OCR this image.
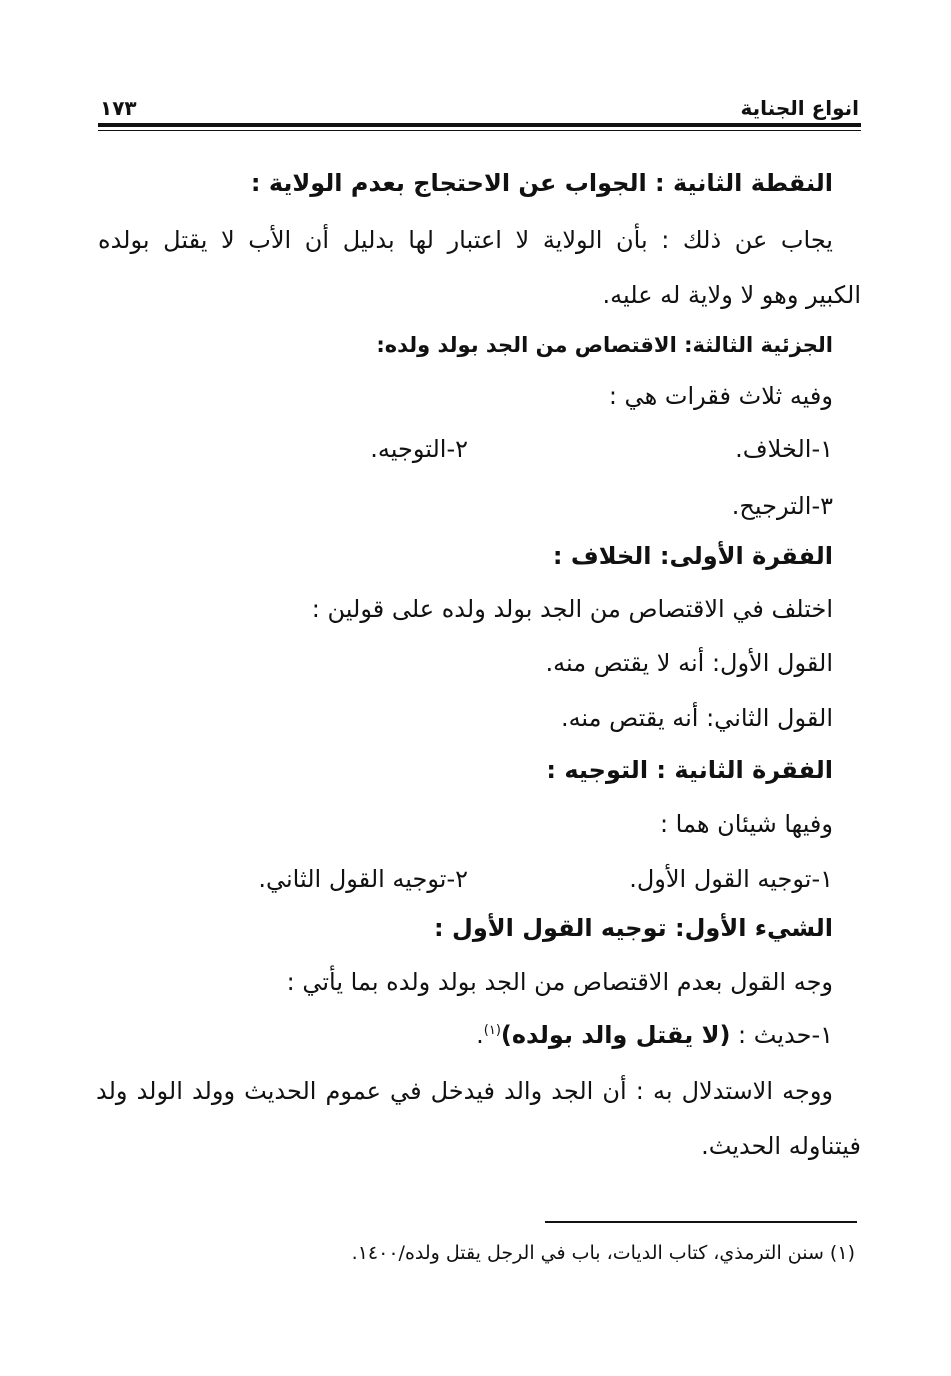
انواع الجناية
١٧٣
النقطة الثانية : الجواب عن الاحتجاج بعدم الولاية :
يجاب عن ذلك : بأن الولاية لا اعتبار لها بدليل أن الأب لا يقتل بولده
الكبير وهو لا ولاية له عليه.
الجزئية الثالثة: الاقتصاص من الجد بولد ولده:
وفيه ثلاث فقرات هي :
١-الخلاف.
٢-التوجيه.
٣-الترجيح.
الفقرة الأولى: الخلاف :
اختلف في الاقتصاص من الجد بولد ولده على قولين :
القول الأول: أنه لا يقتص منه.
القول الثاني: أنه يقتص منه.
الفقرة الثانية : التوجيه :
وفيها شيئان هما :
١-توجيه القول الأول.
٢-توجيه القول الثاني.
الشيء الأول: توجيه القول الأول :
وجه القول بعدم الاقتصاص من الجد بولد ولده بما يأتي :
١-حديث : (لا يقتل والد بولده)$^{(١)}$.
ووجه الاستدلال به : أن الجد والد فيدخل في عموم الحديث وولد الولد ولد
فيتناوله الحديث.
(١) سنن الترمذي، كتاب الديات، باب في الرجل يقتل ولده/١٤٠٠.
